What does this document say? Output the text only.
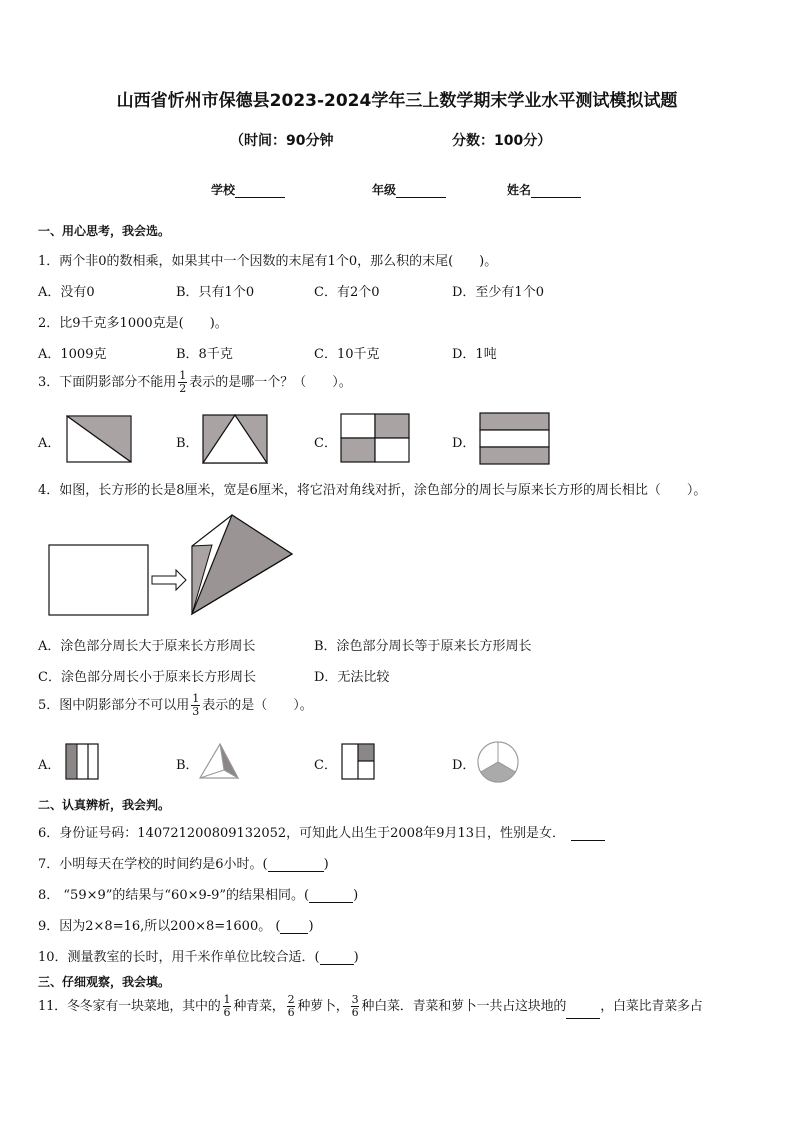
山西省忻州市保德县2023-2024学年三上数学期末学业水平测试模拟试题
（时间：90分钟	分数：100分）
学校	年级	姓名
一、用心思考，我会选。
1．两个非0的数相乘，如果其中一个因数的末尾有1个0，那么积的末尾(　　)。
A．没有0	B．只有1个0	C．有2个0	D．至少有1个0
2．比9千克多1000克是(　　)。
A．1009克	B．8千克	C．10千克	D．1吨
3．下面阴影部分不能用 $\frac{1}{2}$ 表示的是哪一个？（　　）。
A．	B．	C．	D．
4．如图，长方形的长是8厘米，宽是6厘米，将它沿对角线对折，涂色部分的周长与原来长方形的周长相比（　　）。
A．涂色部分周长大于原来长方形周长	B．涂色部分周长等于原来长方形周长
C．涂色部分周长小于原来长方形周长	D．无法比较
5．图中阴影部分不可以用 $\frac{1}{3}$ 表示的是（　　）。
A．	B．	C．	D．
二、认真辨析，我会判。
6．身份证号码：140721200809132052，可知此人出生于2008年9月13日，性别是女．
7．小明每天在学校的时间约是6小时。(	)
8． “59×9”的结果与“60×9-9”的结果相同。(	)
9．因为2×8=16,所以200×8=1600。 ( )
10．测量教室的长时，用千米作单位比较合适．(	)
三、仔细观察，我会填。
11．冬冬家有一块菜地，其中的 $\frac{1}{6}$ 种青菜， $\frac{2}{6}$ 种萝卜， $\frac{3}{6}$ 种白菜．青菜和萝卜一共占这块地的	，白菜比青菜多占
